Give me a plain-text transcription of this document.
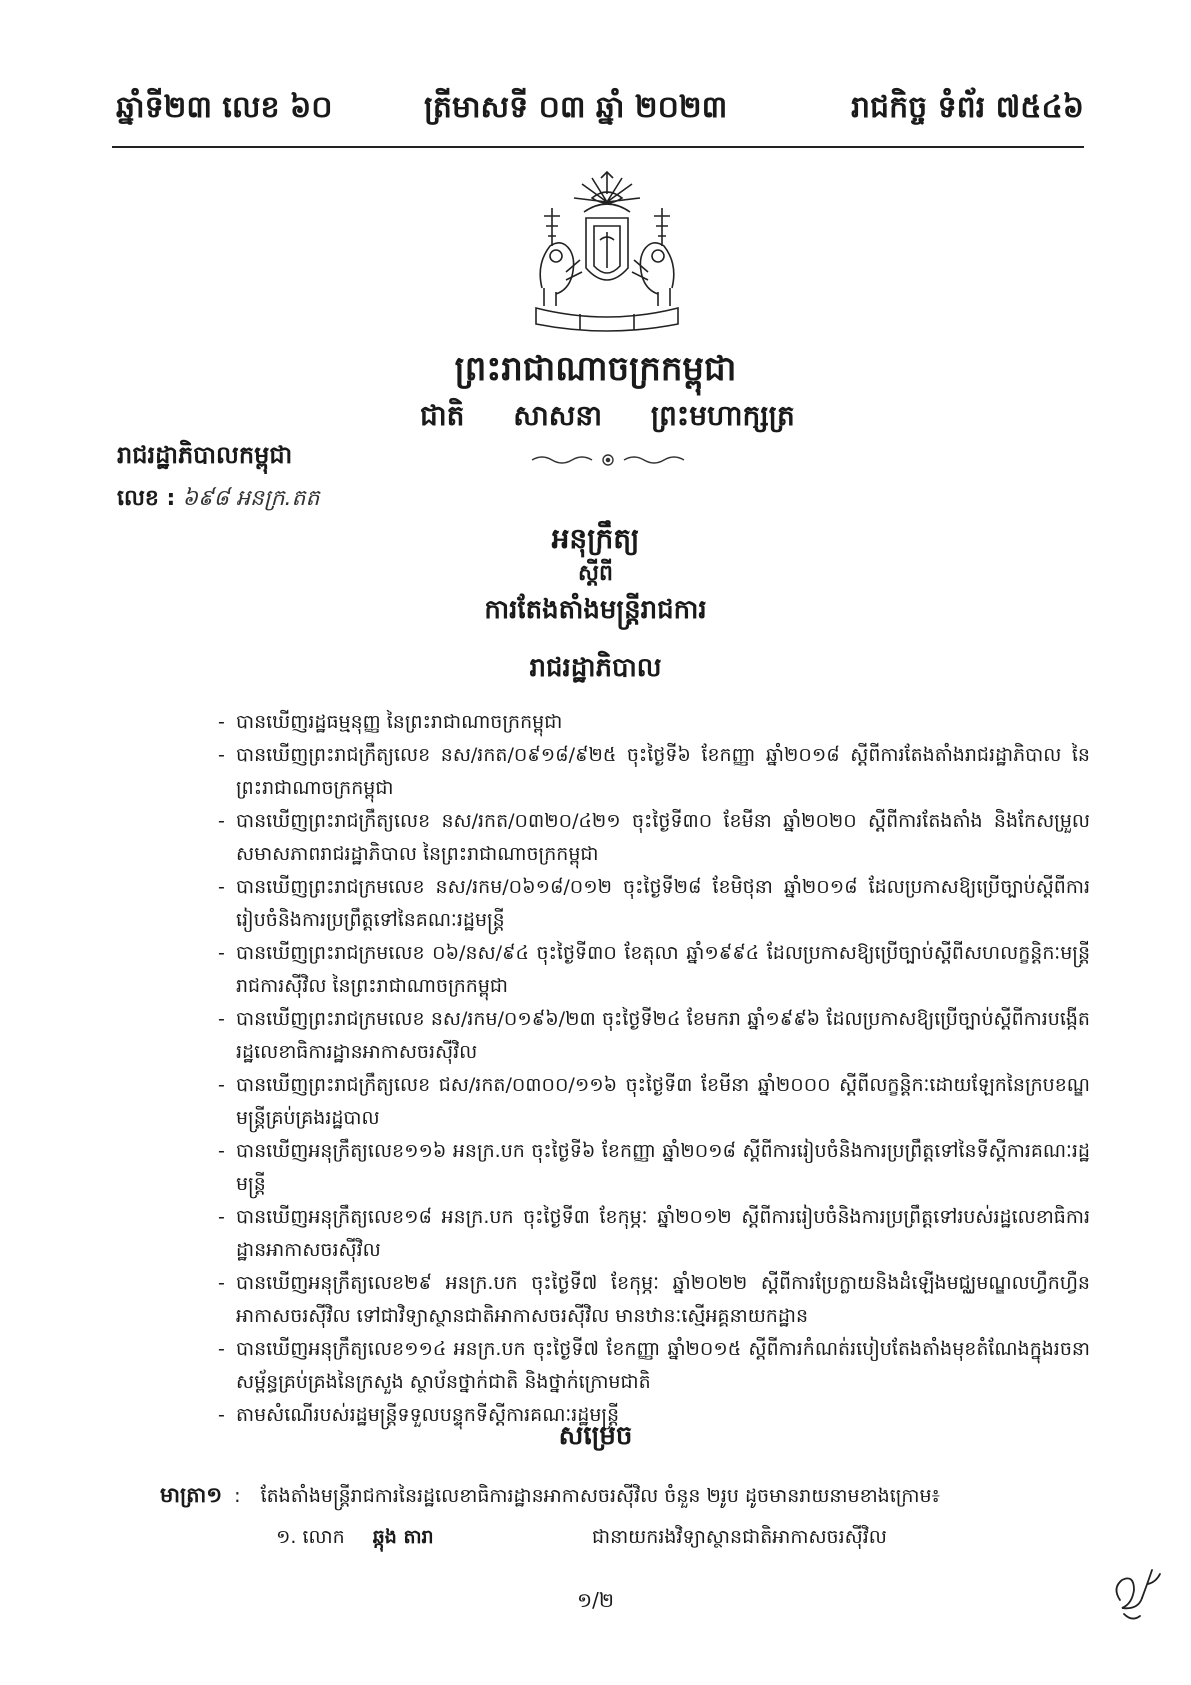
ឆ្នាំទី២៣ លេខ ៦០	ត្រីមាសទី ០៣ ឆ្នាំ ២០២៣	រាជកិច្ច ទំព័រ ៧៥៤៦
ព្រះរាជាណាចក្រកម្ពុជា
ជាតិ សាសនា ព្រះមហាក្សត្រ
រាជរដ្ឋាភិបាលកម្ពុជា
លេខ : ៦៩៨ អនក្រ.តត
អនុក្រឹត្យ
ស្តីពី
ការតែងតាំងមន្ត្រីរាជការ
រាជរដ្ឋាភិបាល
- បានឃើញរដ្ឋធម្មនុញ្ញ នៃព្រះរាជាណាចក្រកម្ពុជា
- បានឃើញព្រះរាជក្រឹត្យលេខ នស/រកត/០៩១៨/៩២៥ ចុះថ្ងៃទី៦ ខែកញ្ញា ឆ្នាំ២០១៨ ស្តីពីការតែងតាំងរាជរដ្ឋាភិបាល នៃព្រះរាជាណាចក្រកម្ពុជា
- បានឃើញព្រះរាជក្រឹត្យលេខ នស/រកត/០៣២០/៤២១ ចុះថ្ងៃទី៣០ ខែមីនា ឆ្នាំ២០២០ ស្តីពីការតែងតាំង និងកែសម្រួលសមាសភាពរាជរដ្ឋាភិបាល នៃព្រះរាជាណាចក្រកម្ពុជា
- បានឃើញព្រះរាជក្រមលេខ នស/រកម/០៦១៨/០១២ ចុះថ្ងៃទី២៨ ខែមិថុនា ឆ្នាំ២០១៨ ដែលប្រកាសឱ្យប្រើច្បាប់ស្តីពីការរៀបចំនិងការប្រព្រឹត្តទៅនៃគណៈរដ្ឋមន្ត្រី
- បានឃើញព្រះរាជក្រមលេខ ០៦/នស/៩៤ ចុះថ្ងៃទី៣០ ខែតុលា ឆ្នាំ១៩៩៤ ដែលប្រកាសឱ្យប្រើច្បាប់ស្តីពីសហលក្ខន្តិកៈមន្ត្រីរាជការស៊ីវិល នៃព្រះរាជាណាចក្រកម្ពុជា
- បានឃើញព្រះរាជក្រមលេខ នស/រកម/០១៩៦/២៣ ចុះថ្ងៃទី២៤ ខែមករា ឆ្នាំ១៩៩៦ ដែលប្រកាសឱ្យប្រើច្បាប់ស្តីពីការបង្កើតរដ្ឋលេខាធិការដ្ឋានអាកាសចរស៊ីវិល
- បានឃើញព្រះរាជក្រឹត្យលេខ ជស/រកត/០៣០០/១១៦ ចុះថ្ងៃទី៣ ខែមីនា ឆ្នាំ២០០០ ស្តីពីលក្ខន្តិកៈដោយឡែកនៃក្របខណ្ឌមន្ត្រីគ្រប់គ្រងរដ្ឋបាល
- បានឃើញអនុក្រឹត្យលេខ១១៦ អនក្រ.បក ចុះថ្ងៃទី៦ ខែកញ្ញា ឆ្នាំ២០១៨ ស្តីពីការរៀបចំនិងការប្រព្រឹត្តទៅនៃទីស្តីការគណៈរដ្ឋមន្ត្រី
- បានឃើញអនុក្រឹត្យលេខ១៨ អនក្រ.បក ចុះថ្ងៃទី៣ ខែកុម្ភៈ ឆ្នាំ២០១២ ស្តីពីការរៀបចំនិងការប្រព្រឹត្តទៅរបស់រដ្ឋលេខាធិការដ្ឋានអាកាសចរស៊ីវិល
- បានឃើញអនុក្រឹត្យលេខ២៩ អនក្រ.បក ចុះថ្ងៃទី៧ ខែកុម្ភៈ ឆ្នាំ២០២២ ស្តីពីការប្រែក្លាយនិងដំឡើងមជ្ឈមណ្ឌលហ្វឹកហ្វឺនអាកាសចរស៊ីវិល ទៅជាវិទ្យាស្ថានជាតិអាកាសចរស៊ីវិល មានឋានៈស្មើអគ្គនាយកដ្ឋាន
- បានឃើញអនុក្រឹត្យលេខ១១៤ អនក្រ.បក ចុះថ្ងៃទី៧ ខែកញ្ញា ឆ្នាំ២០១៥ ស្តីពីការកំណត់របៀបតែងតាំងមុខតំណែងក្នុងរចនាសម្ព័ន្ធគ្រប់គ្រងនៃក្រសួង ស្ថាប័នថ្នាក់ជាតិ និងថ្នាក់ក្រោមជាតិ
- តាមសំណើរបស់រដ្ឋមន្ត្រីទទួលបន្ទុកទីស្តីការគណៈរដ្ឋមន្ត្រី
សម្រេច
មាត្រា១ : តែងតាំងមន្ត្រីរាជការនៃរដ្ឋលេខាធិការដ្ឋានអាកាសចរស៊ីវិល ចំនួន ២រូប ដូចមានរាយនាមខាងក្រោម៖
១. លោក ឆ្កុង តារា	ជានាយករងវិទ្យាស្ថានជាតិអាកាសចរស៊ីវិល
១/២
